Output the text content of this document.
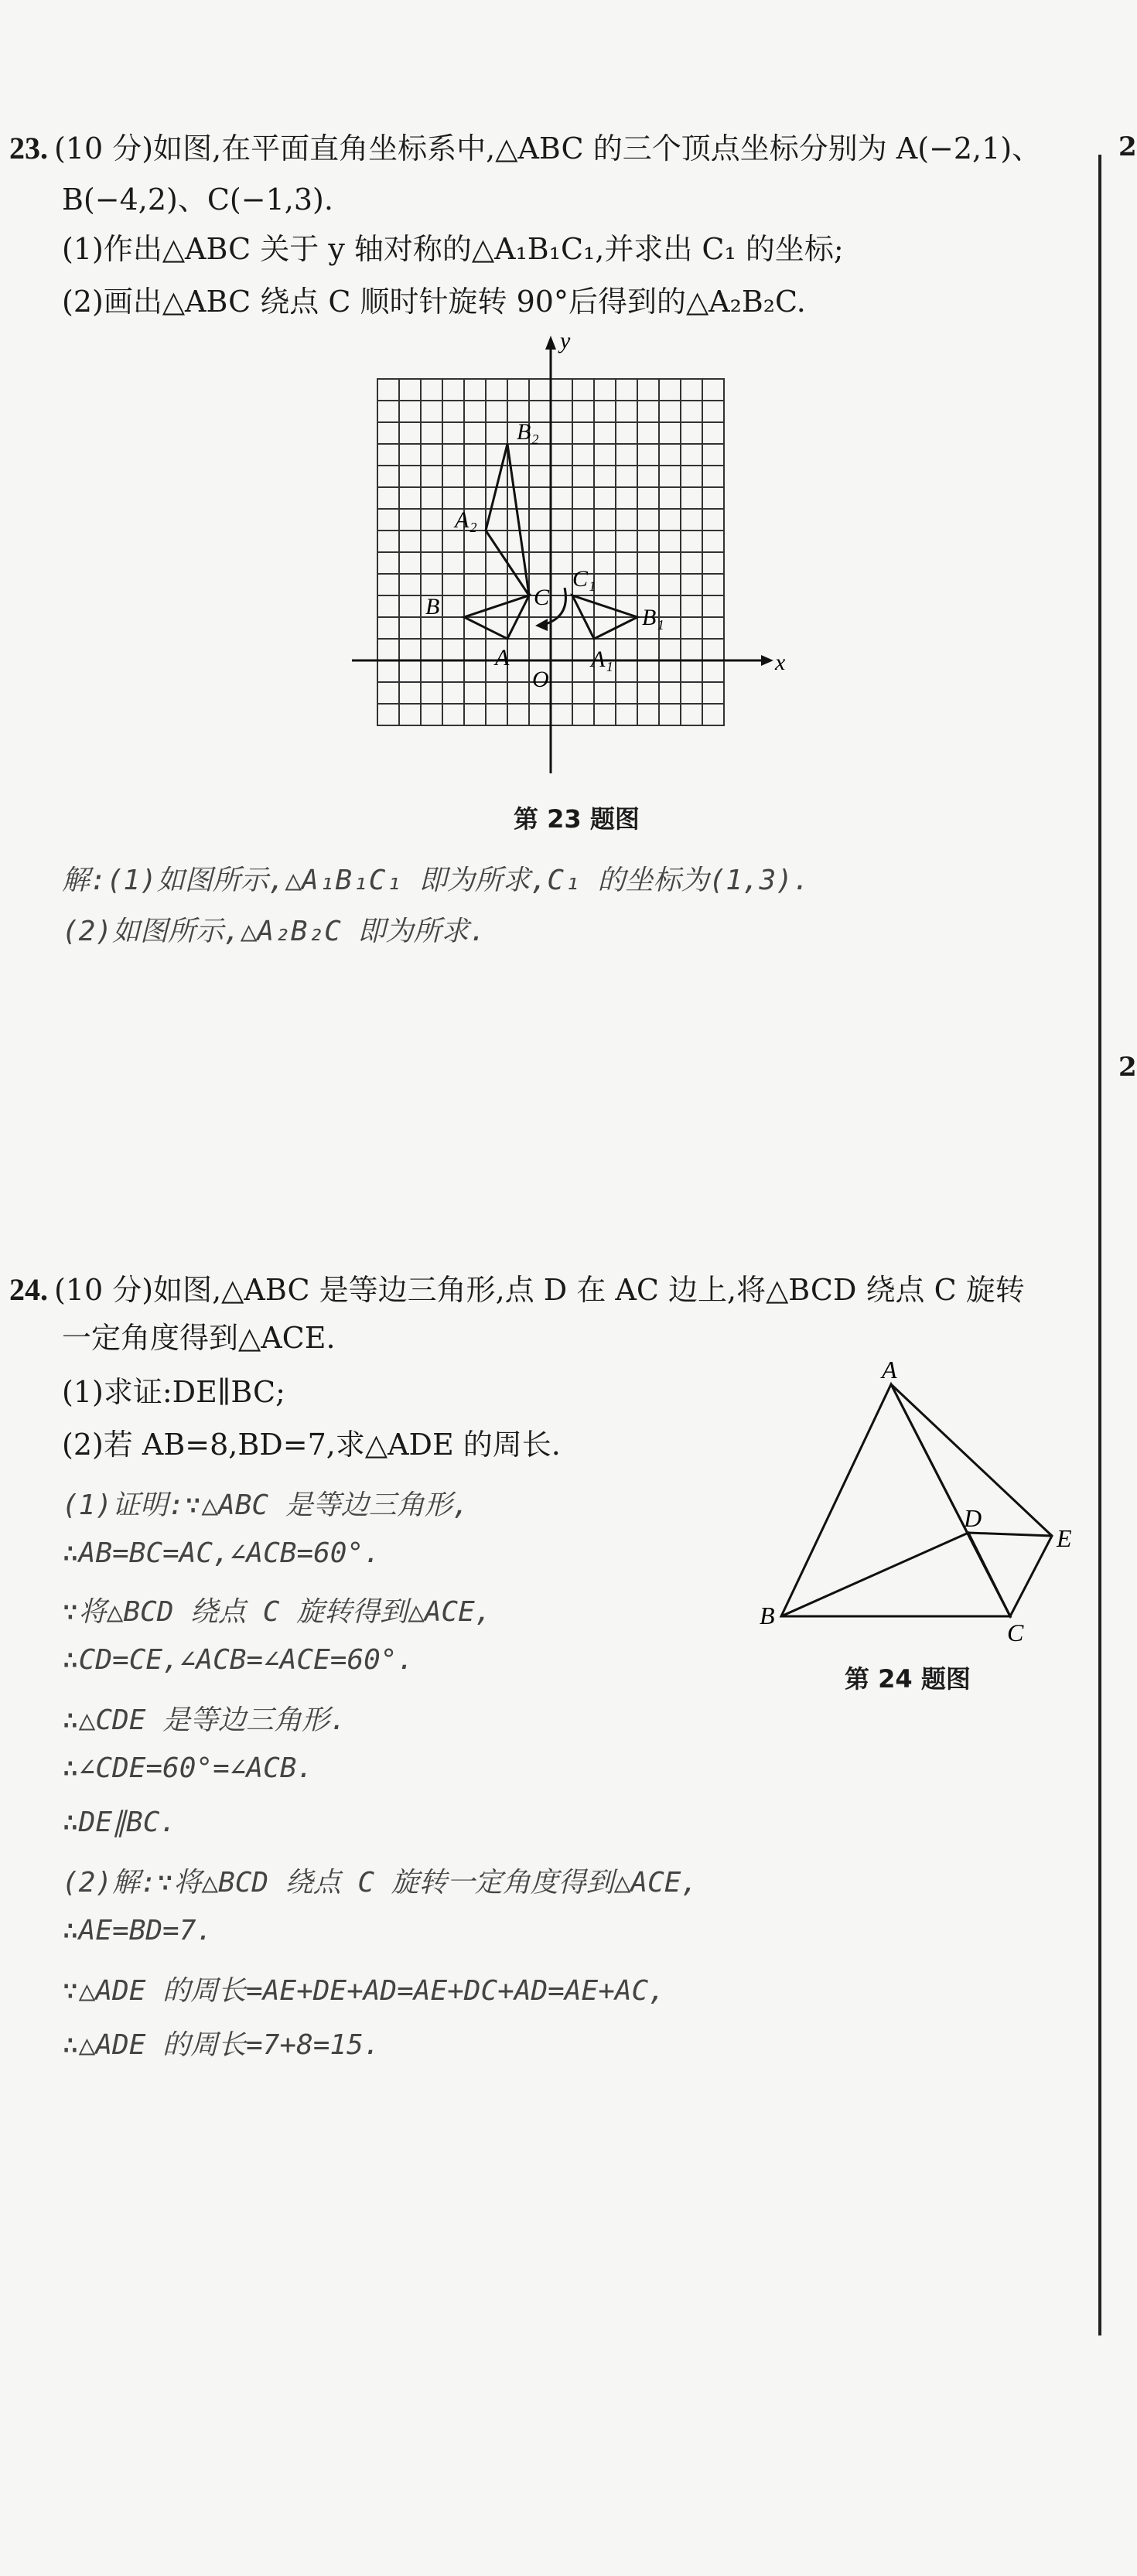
2
2
23. (10 分)如图,在平面直角坐标系中,△ABC 的三个顶点坐标分别为 A(−2,1)、
B(−4,2)、C(−1,3).
(1)作出△ABC 关于 y 轴对称的△A₁B₁C₁,并求出 C₁ 的坐标;
(2)画出△ABC 绕点 C 顺时针旋转 90°后得到的△A₂B₂C.
x
y
O
A
B	C
A₁
B₁
C₁
A₂
B₂
第 23 题图
解:(1)如图所示,△A₁B₁C₁ 即为所求,C₁ 的坐标为(1,3).
(2)如图所示,△A₂B₂C 即为所求.
24. (10 分)如图,△ABC 是等边三角形,点 D 在 AC 边上,将△BCD 绕点 C 旋转
一定角度得到△ACE.
(1)求证:DE∥BC;
(2)若 AB=8,BD=7,求△ADE 的周长.
A
B
C
D
E
第 24 题图
(1)证明:∵△ABC 是等边三角形,
∴AB=BC=AC,∠ACB=60°.
∵将△BCD 绕点 C 旋转得到△ACE,
∴CD=CE,∠ACB=∠ACE=60°.
∴△CDE 是等边三角形.
∴∠CDE=60°=∠ACB.
∴DE∥BC.
(2)解:∵将△BCD 绕点 C 旋转一定角度得到△ACE,
∴AE=BD=7.
∵△ADE 的周长=AE+DE+AD=AE+DC+AD=AE+AC,
∴△ADE 的周长=7+8=15.
